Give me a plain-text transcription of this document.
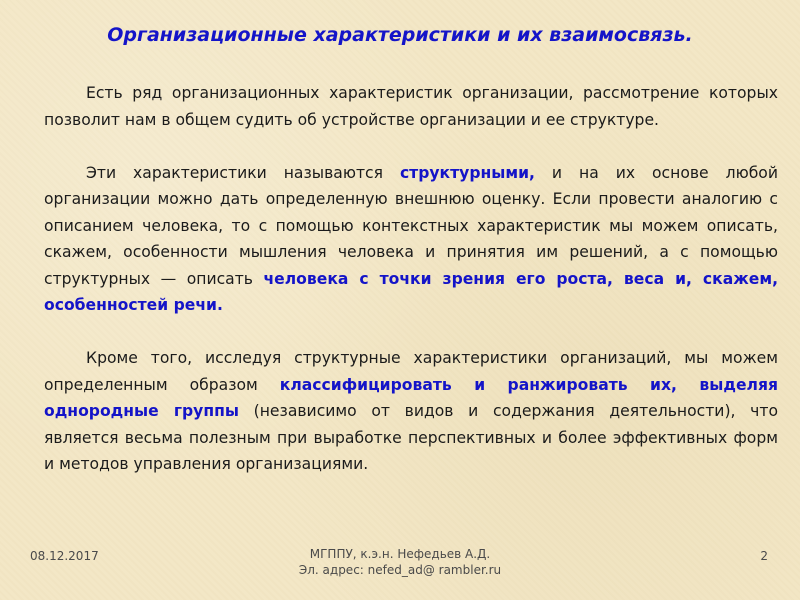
Организационные характеристики и их взаимосвязь.

Есть ряд организационных характеристик организации, рассмотрение которых позволит нам в общем судить об устройстве организации и ее структуре.

Эти характеристики называются структурными, и на их основе любой организации можно дать определенную внешнюю оценку. Если провести аналогию с описанием человека, то с помощью контекстных характеристик мы можем описать, скажем, особенности мышления человека и принятия им решений, а с помощью структурных — описать человека с точки зрения его роста, веса и, скажем, особенностей речи.

Кроме того, исследуя структурные характеристики организаций, мы можем определенным образом классифицировать и ранжировать их, выделяя однородные группы (независимо от видов и содержания деятельности), что является весьма полезным при выработке перспективных и более эффективных форм и методов управления организациями.

08.12.2017	МГППУ, к.э.н. Нефедьев А.Д.
Эл. адрес: nefed_ad@ rambler.ru
2
